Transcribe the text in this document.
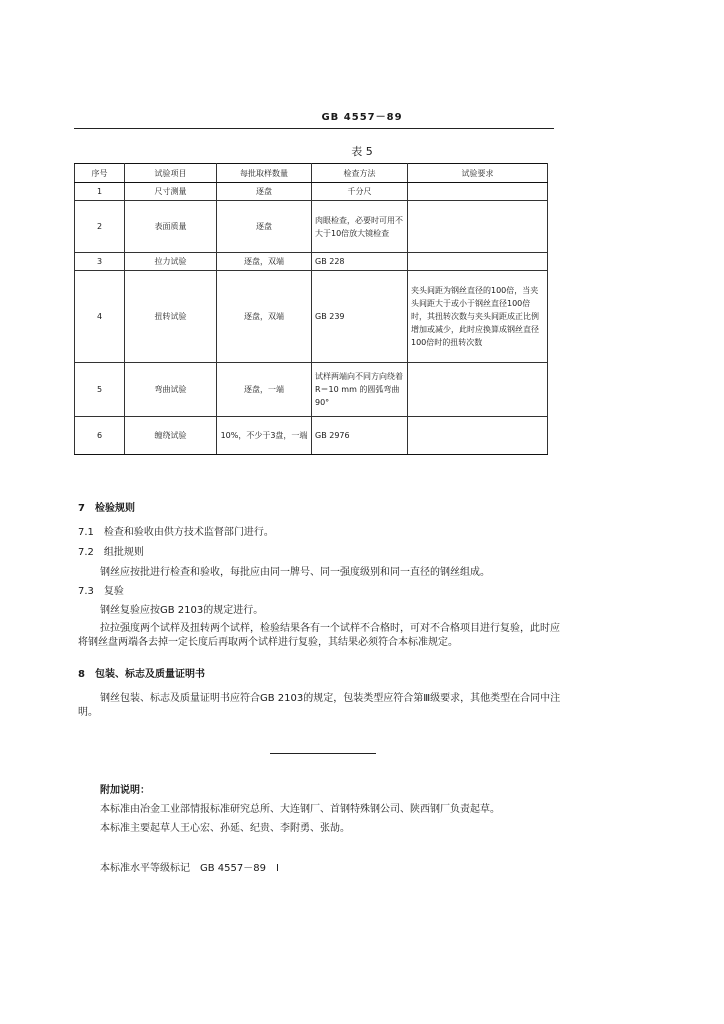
GB 4557－89
表 5
序号	试验项目	每批取样数量	检查方法	试验要求
1	尺寸测量	逐盘	千分尺	
2	表面质量	逐盘	肉眼检查，必要时可用不大于10倍放大镜检查	
3	拉力试验	逐盘，双端	GB 228	
4	扭转试验	逐盘，双端	GB 239	夹头间距为钢丝直径的100倍，当夹头间距大于或小于钢丝直径100倍时，其扭转次数与夹头间距成正比例增加或减少，此时应换算成钢丝直径100倍时的扭转次数
5	弯曲试验	逐盘，一端	试样两端向不同方向绕着 R＝10 mm 的圆弧弯曲90°	
6	缠绕试验	10%，不少于3盘，一端	GB 2976	
7　检验规则
7.1　检查和验收由供方技术监督部门进行。
7.2　组批规则
钢丝应按批进行检查和验收，每批应由同一牌号、同一强度级别和同一直径的钢丝组成。
7.3　复验
钢丝复验应按GB 2103的规定进行。
拉拉强度两个试样及扭转两个试样，检验结果各有一个试样不合格时，可对不合格项目进行复验，此时应将钢丝盘两端各去掉一定长度后再取两个试样进行复验，其结果必须符合本标准规定。
8　包装、标志及质量证明书
钢丝包装、标志及质量证明书应符合GB 2103的规定，包装类型应符合第Ⅲ级要求，其他类型在合同中注明。
附加说明：
本标准由冶金工业部情报标准研究总所、大连钢厂、首钢特殊钢公司、陕西钢厂负责起草。
本标准主要起草人王心宏、孙延、纪贵、李附勇、张劼。
本标准水平等级标记　GB 4557－89　I
